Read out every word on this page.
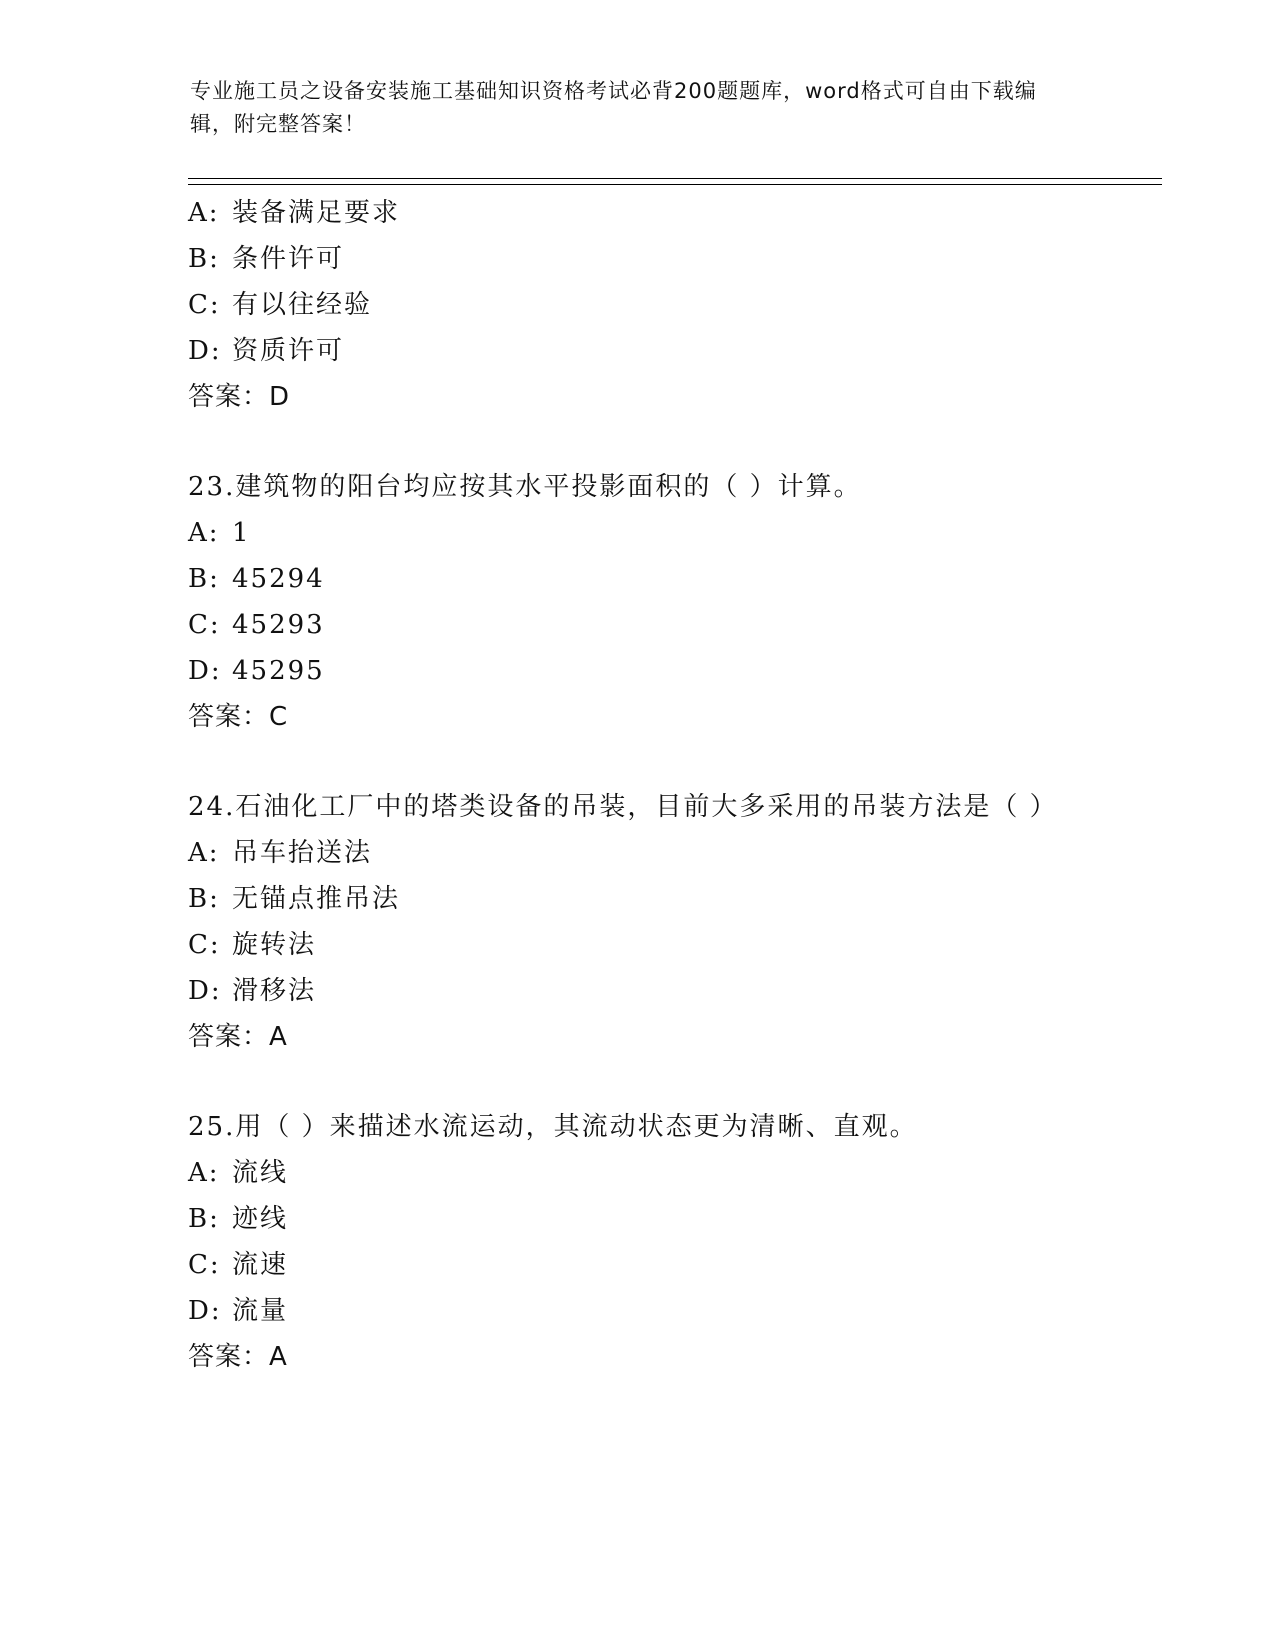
专业施工员之设备安装施工基础知识资格考试必背200题题库，word格式可自由下载编辑，附完整答案！
A: 装备满足要求
B: 条件许可
C: 有以往经验
D: 资质许可
答案：D
23.建筑物的阳台均应按其水平投影面积的（ ）计算。
A: 1
B: 45294
C: 45293
D: 45295
答案：C
24.石油化工厂中的塔类设备的吊装，目前大多采用的吊装方法是（ ）
A: 吊车抬送法
B: 无锚点推吊法
C: 旋转法
D: 滑移法
答案：A
25.用（ ）来描述水流运动，其流动状态更为清晰、直观。
A: 流线
B: 迹线
C: 流速
D: 流量
答案：A
